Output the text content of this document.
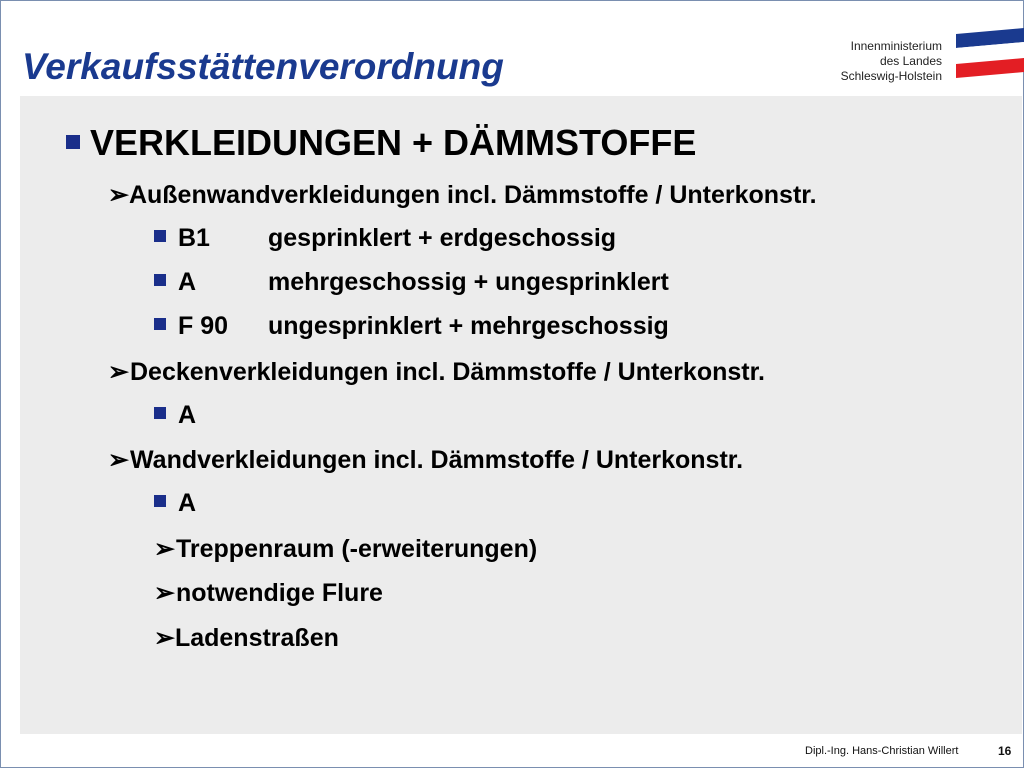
Verkaufsstättenverordnung	Innenministerium
des Landes
Schleswig-Holstein
VERKLEIDUNGEN + DÄMMSTOFFE
➢Außenwandverkleidungen incl. Dämmstoffe / Unterkonstr.
B1 gesprinklert + erdgeschossig
A	mehrgeschossig + ungesprinklert
F 90 ungesprinklert + mehrgeschossig
➢Deckenverkleidungen incl. Dämmstoffe / Unterkonstr.
A
➢Wandverkleidungen incl. Dämmstoffe / Unterkonstr.
A
➢Treppenraum (-erweiterungen)
➢notwendige Flure
➢Ladenstraßen
Dipl.-Ing. Hans-Christian Willert	16
